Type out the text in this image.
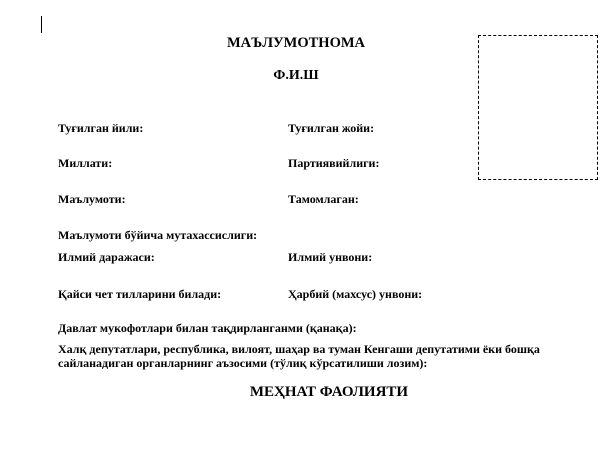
МАЪЛУМОТНОМА
Ф.И.Ш
Туғилган йили:	Туғилган жойи:
Миллати:	Партиявийлиги:
Маълумоти:	Тамомлаган:
Маълумоти бўйича мутахассислиги:
Илмий даражаси:	Илмий унвони:
Қайси чет тилларини билади:	Ҳарбий (махсус) унвони:
Давлат мукофотлари билан тақдирланганми (қанақа):
Халқ депутатлари, республика, вилоят, шаҳар ва туман Кенгаши депутатими ёки бошқа сайланадиган органларнинг аъзосими (тўлиқ кўрсатилиши лозим):
МЕҲНАТ ФАОЛИЯТИ
